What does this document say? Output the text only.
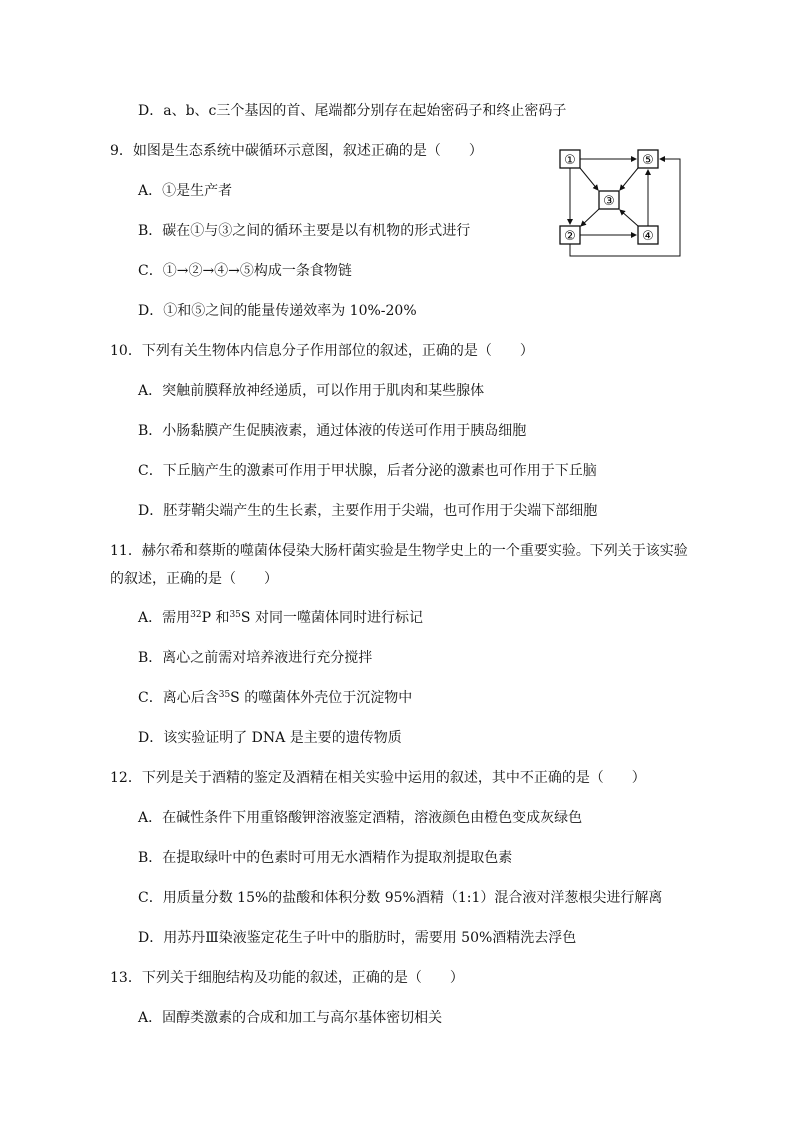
D．a、b、c三个基因的首、尾端都分别存在起始密码子和终止密码子
9．如图是生态系统中碳循环示意图，叙述正确的是（　　）
A．①是生产者
B．碳在①与③之间的循环主要是以有机物的形式进行
C．①→②→④→⑤构成一条食物链
D．①和⑤之间的能量传递效率为 10%-20%
①	⑤
③
②	④
10．下列有关生物体内信息分子作用部位的叙述，正确的是（　　）
A．突触前膜释放神经递质，可以作用于肌肉和某些腺体
B．小肠黏膜产生促胰液素，通过体液的传送可作用于胰岛细胞
C．下丘脑产生的激素可作用于甲状腺，后者分泌的激素也可作用于下丘脑
D．胚芽鞘尖端产生的生长素，主要作用于尖端，也可作用于尖端下部细胞
11．赫尔希和蔡斯的噬菌体侵染大肠杆菌实验是生物学史上的一个重要实验。下列关于该实验
的叙述，正确的是（　　）
A．需用$^{32}$P 和$^{35}$S 对同一噬菌体同时进行标记
B．离心之前需对培养液进行充分搅拌
C．离心后含$^{35}$S 的噬菌体外壳位于沉淀物中
D．该实验证明了 DNA 是主要的遗传物质
12．下列是关于酒精的鉴定及酒精在相关实验中运用的叙述，其中不正确的是（　　）
A．在碱性条件下用重铬酸钾溶液鉴定酒精，溶液颜色由橙色变成灰绿色
B．在提取绿叶中的色素时可用无水酒精作为提取剂提取色素
C．用质量分数 15%的盐酸和体积分数 95%酒精（1:1）混合液对洋葱根尖进行解离
D．用苏丹Ⅲ染液鉴定花生子叶中的脂肪时，需要用 50%酒精洗去浮色
13．下列关于细胞结构及功能的叙述，正确的是（　　）
A．固醇类激素的合成和加工与高尔基体密切相关
